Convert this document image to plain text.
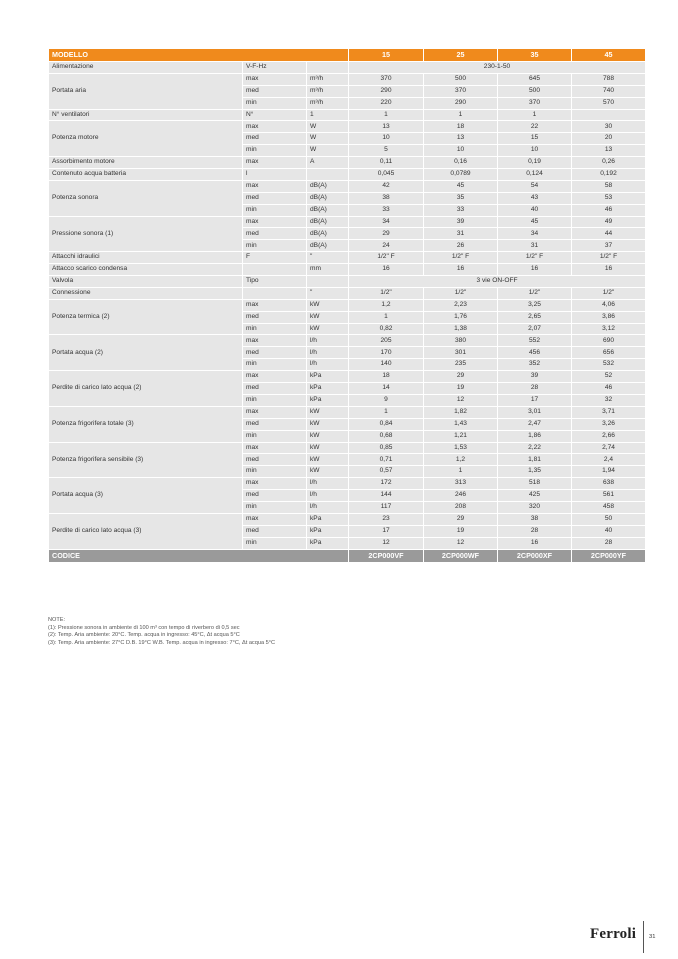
MODELLO			15	25	35	45
Alimentazione	V-F-Hz		230-1-50			
Portata aria	max	m³/h	370	500	645	788
	med	m³/h	290	370	500	740
	min	m³/h	220	290	370	570
N° ventilatori	N°	1	1	1	1	
Potenza motore	max	W	13	18	22	30
	med	W	10	13	15	20
	min	W	5	10	10	13
Assorbimento motore	max	A	0,11	0,16	0,19	0,26
Contenuto acqua batteria	l		0,045	0,0789	0,124	0,192
Potenza sonora	max	dB(A)	42	45	54	58
	med	dB(A)	38	35	43	53
	min	dB(A)	33	33	40	46
Pressione sonora (1)	max	dB(A)	34	39	45	49
	med	dB(A)	29	31	34	44
	min	dB(A)	24	26	31	37
Attacchi idraulici	F	"	1/2" F	1/2" F	1/2" F	1/2" F
Attacco scarico condensa		mm	16	16	16	16
Valvola	Tipo		3 vie ON-OFF			
Connessione		"	1/2"	1/2"	1/2"	1/2"
Potenza termica (2)	max	kW	1,2	2,23	3,25	4,06
	med	kW	1	1,76	2,65	3,86
	min	kW	0,82	1,38	2,07	3,12
Portata acqua (2)	max	l/h	205	380	552	690
	med	l/h	170	301	456	656
	min	l/h	140	235	352	532
Perdite di carico lato acqua (2)	max	kPa	18	29	39	52
	med	kPa	14	19	28	46
	min	kPa	9	12	17	32
Potenza frigorifera totale (3)	max	kW	1	1,82	3,01	3,71
	med	kW	0,84	1,43	2,47	3,26
	min	kW	0,68	1,21	1,86	2,66
Potenza frigorifera sensibile (3)	max	kW	0,85	1,53	2,22	2,74
	med	kW	0,71	1,2	1,81	2,4
	min	kW	0,57	1	1,35	1,94
Portata acqua (3)	max	l/h	172	313	518	638
	med	l/h	144	246	425	561
	min	l/h	117	208	320	458
Perdite di carico lato acqua (3)	max	kPa	23	29	38	50
	med	kPa	17	19	28	40
	min	kPa	12	12	16	28
CODICE			2CP000VF	2CP000WF	2CP000XF	2CP000YF
NOTE:
(1): Pressione sonora in ambiente di 100 m³ con tempo di riverbero di 0,5 sec
(2): Temp. Aria ambiente: 20°C. Temp. acqua in ingresso: 45°C, Δt acqua 5°C
(3): Temp. Aria ambiente: 27°C D.B. 19°C W.B. Temp. acqua in ingresso: 7°C, Δt acqua 5°C
Ferroli 31
